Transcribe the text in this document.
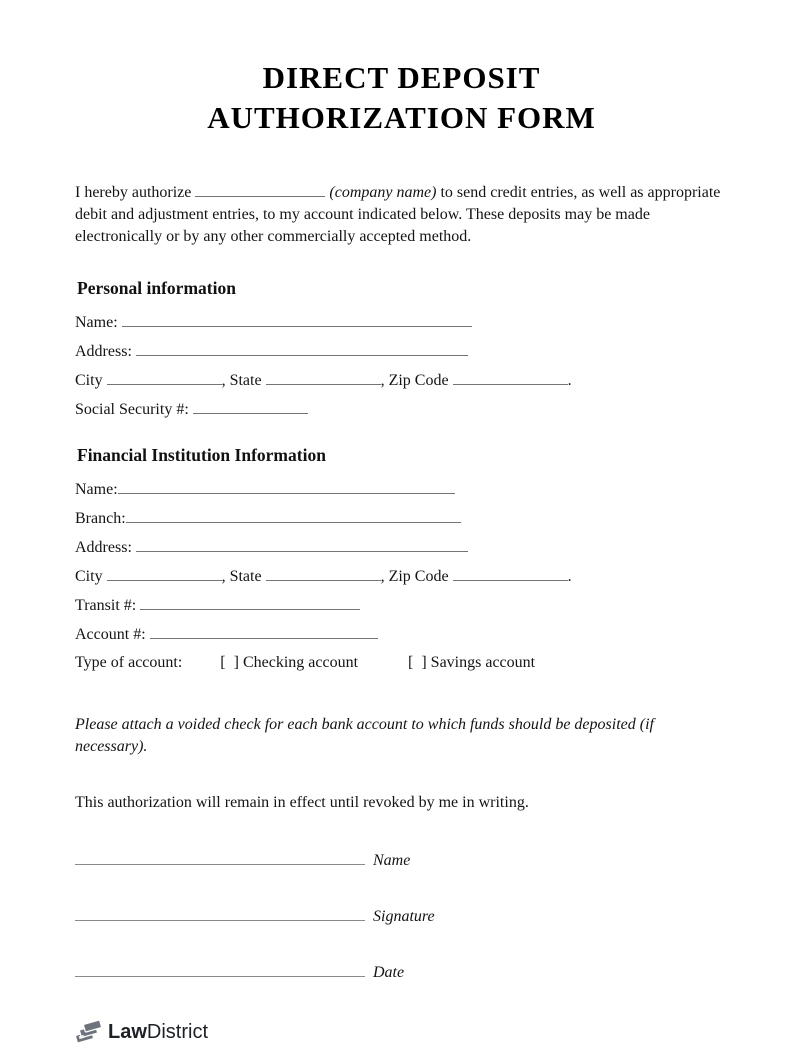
DIRECT DEPOSIT
AUTHORIZATION FORM

I hereby authorize	(company name) to send credit entries, as well as appropriate debit and adjustment entries, to my account indicated below. These deposits may be made electronically or by any other commercially accepted method.

Personal information
Name:
Address:
City	, State	, Zip Code	.
Social Security #:
Financial Institution Information
Name:
Branch:
Address:
City	, State	, Zip Code	.
Transit #:
Account #:
Type of account: [  ] Checking account	[  ] Savings account

Please attach a voided check for each bank account to which funds should be deposited (if necessary).

This authorization will remain in effect until revoked by me in writing.

Name
Signature
Date
LawDistrict
